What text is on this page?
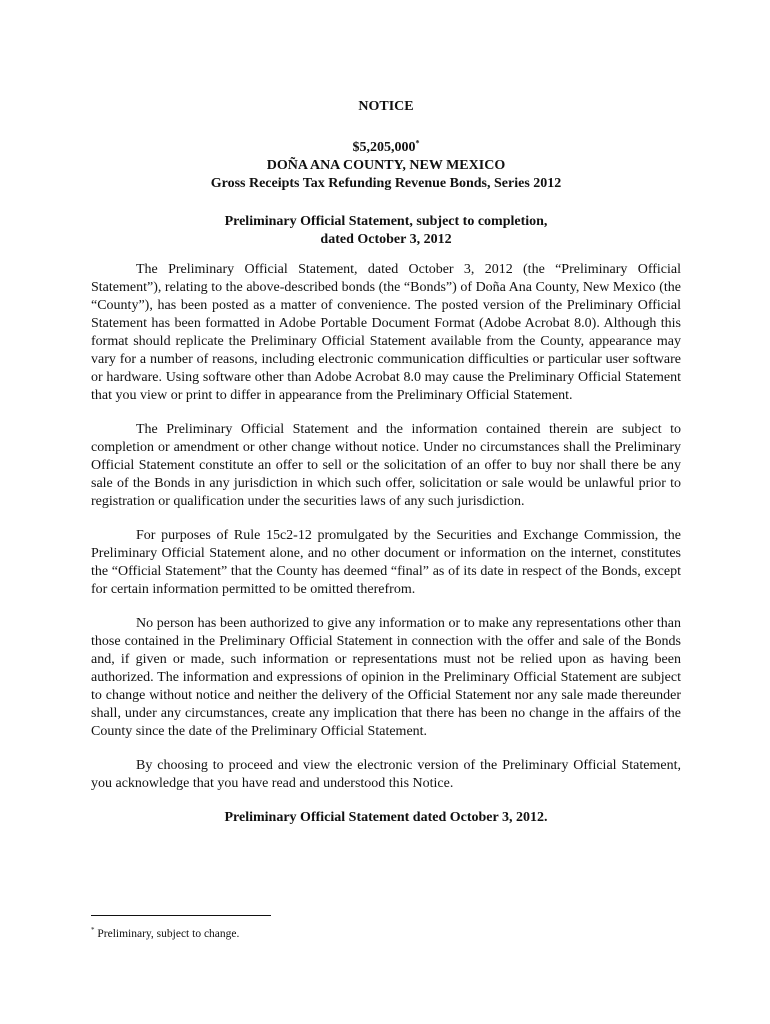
NOTICE
$5,205,000*
DOÑA ANA COUNTY, NEW MEXICO
Gross Receipts Tax Refunding Revenue Bonds, Series 2012
Preliminary Official Statement, subject to completion,
dated October 3, 2012

The Preliminary Official Statement, dated October 3, 2012 (the “Preliminary Official Statement”), relating to the above-described bonds (the “Bonds”) of Doña Ana County, New Mexico (the “County”), has been posted as a matter of convenience. The posted version of the Preliminary Official Statement has been formatted in Adobe Portable Document Format (Adobe Acrobat 8.0). Although this format should replicate the Preliminary Official Statement available from the County, appearance may vary for a number of reasons, including electronic communication difficulties or particular user software or hardware. Using software other than Adobe Acrobat 8.0 may cause the Preliminary Official Statement that you view or print to differ in appearance from the Preliminary Official Statement.

The Preliminary Official Statement and the information contained therein are subject to completion or amendment or other change without notice. Under no circumstances shall the Preliminary Official Statement constitute an offer to sell or the solicitation of an offer to buy nor shall there be any sale of the Bonds in any jurisdiction in which such offer, solicitation or sale would be unlawful prior to registration or qualification under the securities laws of any such jurisdiction.

For purposes of Rule 15c2-12 promulgated by the Securities and Exchange Commission, the Preliminary Official Statement alone, and no other document or information on the internet, constitutes the “Official Statement” that the County has deemed “final” as of its date in respect of the Bonds, except for certain information permitted to be omitted therefrom.

No person has been authorized to give any information or to make any representations other than those contained in the Preliminary Official Statement in connection with the offer and sale of the Bonds and, if given or made, such information or representations must not be relied upon as having been authorized. The information and expressions of opinion in the Preliminary Official Statement are subject to change without notice and neither the delivery of the Official Statement nor any sale made thereunder shall, under any circumstances, create any implication that there has been no change in the affairs of the County since the date of the Preliminary Official Statement.

By choosing to proceed and view the electronic version of the Preliminary Official Statement, you acknowledge that you have read and understood this Notice.

Preliminary Official Statement dated October 3, 2012.
* Preliminary, subject to change.
